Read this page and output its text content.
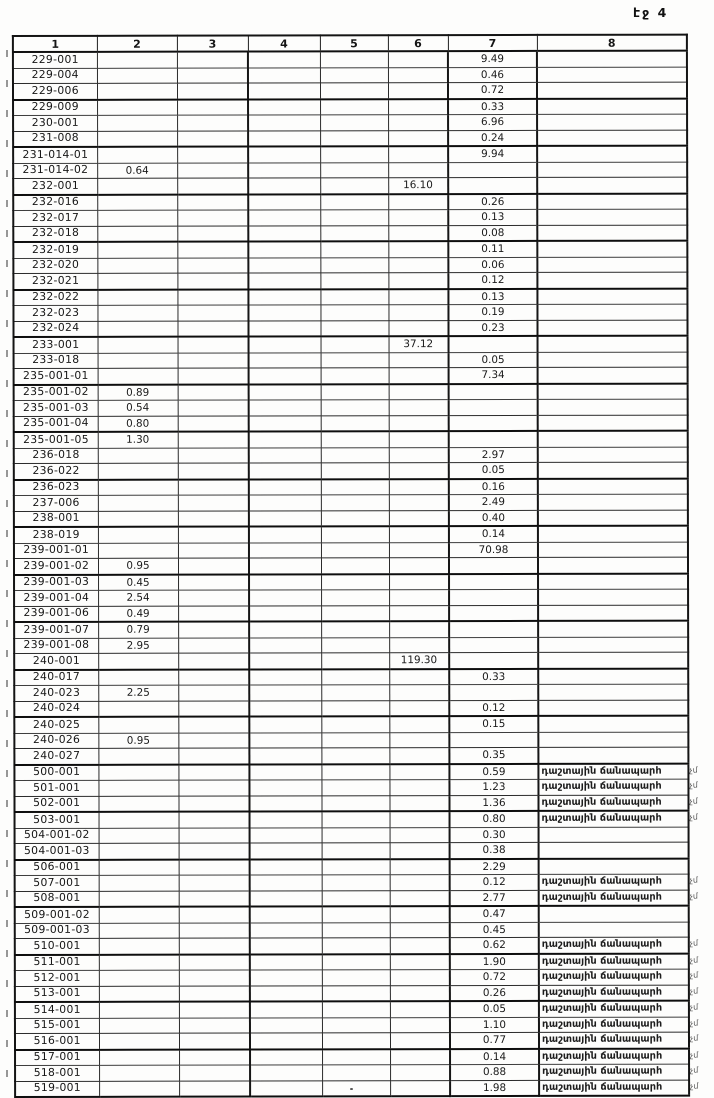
էջ 4
1	2	3	4	5	6	7	8
229-001						9.49	
229-004						0.46	
229-006						0.72	
229-009						0.33	
230-001						6.96	
231-008						0.24	
231-014-01						9.94	
231-014-02	0.64						
232-001					16.10		
232-016						0.26	
232-017						0.13	
232-018						0.08	
232-019						0.11	
232-020						0.06	
232-021						0.12	
232-022						0.13	
232-023						0.19	
232-024						0.23	
233-001					37.12		
233-018						0.05	
235-001-01						7.34	
235-001-02	0.89						
235-001-03	0.54						
235-001-04	0.80						
235-001-05	1.30						
236-018						2.97	
236-022						0.05	
236-023						0.16	
237-006						2.49	
238-001						0.40	
238-019						0.14	
239-001-01						70.98	
239-001-02	0.95						
239-001-03	0.45						
239-001-04	2.54						
239-001-06	0.49						
239-001-07	0.79						
239-001-08	2.95						
240-001					119.30		
240-017						0.33	
240-023	2.25						
240-024						0.12	
240-025						0.15	
240-026	0.95						
240-027						0.35	
500-001						0.59	դաշտային ճանապարհ չմ

501-001						1.23	դաշտային ճանապարհ չմ

502-001						1.36	դաշտային ճանապարհ չմ

503-001						0.80	դաշտային ճանապարհ չմ

504-001-02						0.30	
504-001-03						0.38	
506-001						2.29	
507-001						0.12	դաշտային ճանապարհ չմ

508-001						2.77	դաշտային ճանապարհ չմ

509-001-02						0.47	
509-001-03						0.45	
510-001						0.62	դաշտային ճանապարհ չմ

511-001						1.90	դաշտային ճանապարհ չմ

512-001						0.72	դաշտային ճանապարհ չմ

513-001						0.26	դաշտային ճանապարհ չմ

514-001						0.05	դաշտային ճանապարհ չմ

515-001						1.10	դաշտային ճանապարհ չմ

516-001						0.77	դաշտային ճանապարհ չմ

517-001						0.14	դաշտային ճանապարհ չմ

518-001						0.88	դաշտային ճանապարհ չմ

519-001						1.98	դաշտային ճանապարհ չմ
